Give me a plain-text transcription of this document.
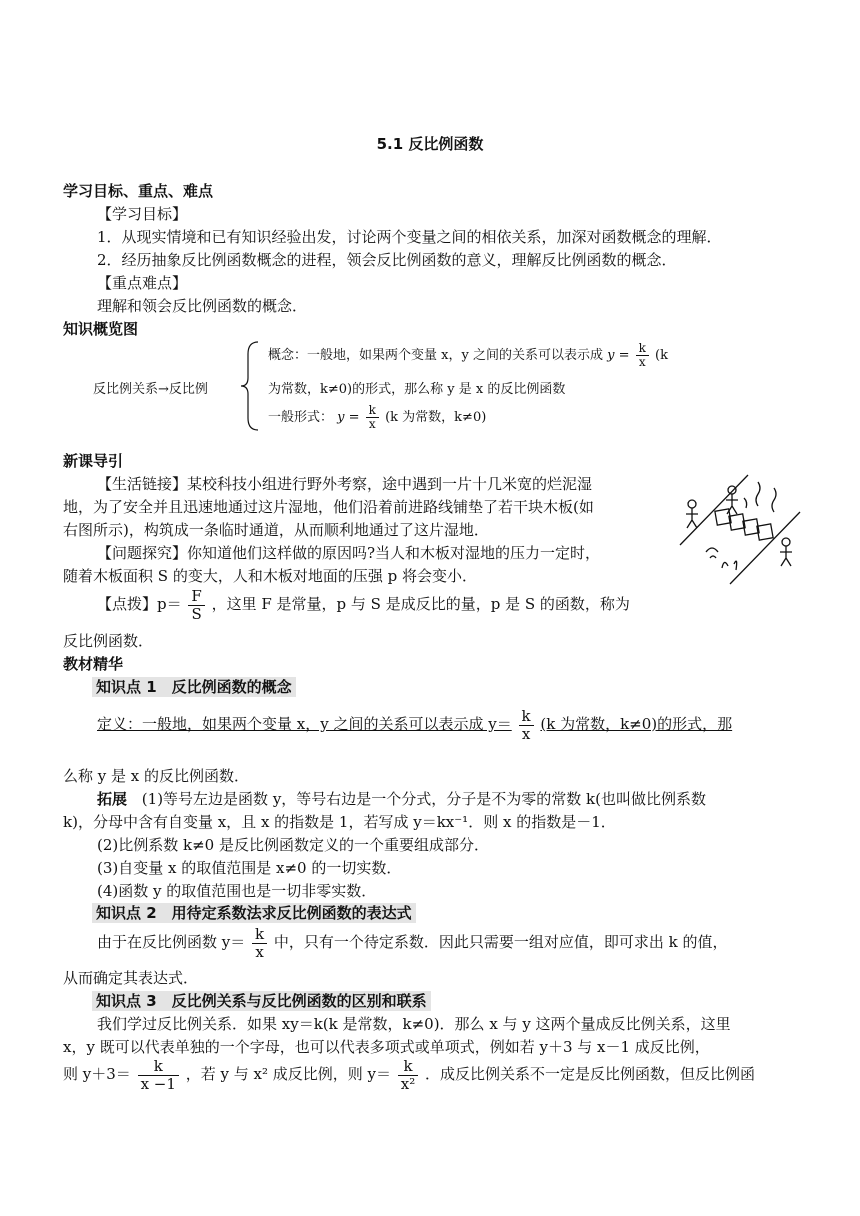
5.1 反比例函数
学习目标、重点、难点
【学习目标】
1．从现实情境和已有知识经验出发，讨论两个变量之间的相依关系，加深对函数概念的理解．
2．经历抽象反比例函数概念的进程，领会反比例函数的意义，理解反比例函数的概念．
【重点难点】
理解和领会反比例函数的概念．
知识概览图
反比例关系→反比例
概念：一般地，如果两个变量 x，y 之间的关系可以表示成 $y = \frac{k}{x} (k$
为常数，k≠0)的形式，那么称 y 是 x 的反比例函数
一般形式： $y = \frac{k}{x} (k$ 为常数，k≠0)
新课导引
【生活链接】某校科技小组进行野外考察，途中遇到一片十几米宽的烂泥湿
地，为了安全并且迅速地通过这片湿地，他们沿着前进路线铺垫了若干块木板(如
右图所示)，构筑成一条临时通道，从而顺利地通过了这片湿地．
【问题探究】你知道他们这样做的原因吗?当人和木板对湿地的压力一定时，
随着木板面积 S 的变大，人和木板对地面的压强 p 将会变小．
【点拨】$p= \frac{F}{S}$ ，这里 F 是常量，p 与 S 是成反比的量，p 是 S 的函数，称为
反比例函数．
教材精华
知识点 1　反比例函数的概念
定义：一般地，如果两个变量 x，y 之间的关系可以表示成 $y= \frac{k}{x} (k$ 为常数，k≠0)的形式，那
么称 y 是 x 的反比例函数．
拓展 (1)等号左边是函数 y，等号右边是一个分式，分子是不为零的常数 k(也叫做比例系数
k)，分母中含有自变量 x，且 x 的指数是 1，若写成 y＝kx⁻¹．则 x 的指数是－1．
(2)比例系数 k≠0 是反比例函数定义的一个重要组成部分．
(3)自变量 x 的取值范围是 x≠0 的一切实数．
(4)函数 y 的取值范围也是一切非零实数．
知识点 2　用待定系数法求反比例函数的表达式
由于在反比例函数 $y= \frac{k}{x}$ 中，只有一个待定系数．因此只需要一组对应值，即可求出 k 的值，
从而确定其表达式．
知识点 3　反比例关系与反比例函数的区别和联系
我们学过反比例关系．如果 xy＝k(k 是常数，k≠0)．那么 x 与 y 这两个量成反比例关系，这里
x，y 既可以代表单独的一个字母，也可以代表多项式或单项式，例如若 y＋3 与 x－1 成反比例，
则 $y+3= \frac{k}{x -1}$ ，若 y 与 x² 成反比例，则 $y= \frac{k}{\text{x²}}$ ．成反比例关系不一定是反比例函数，但反比例函
